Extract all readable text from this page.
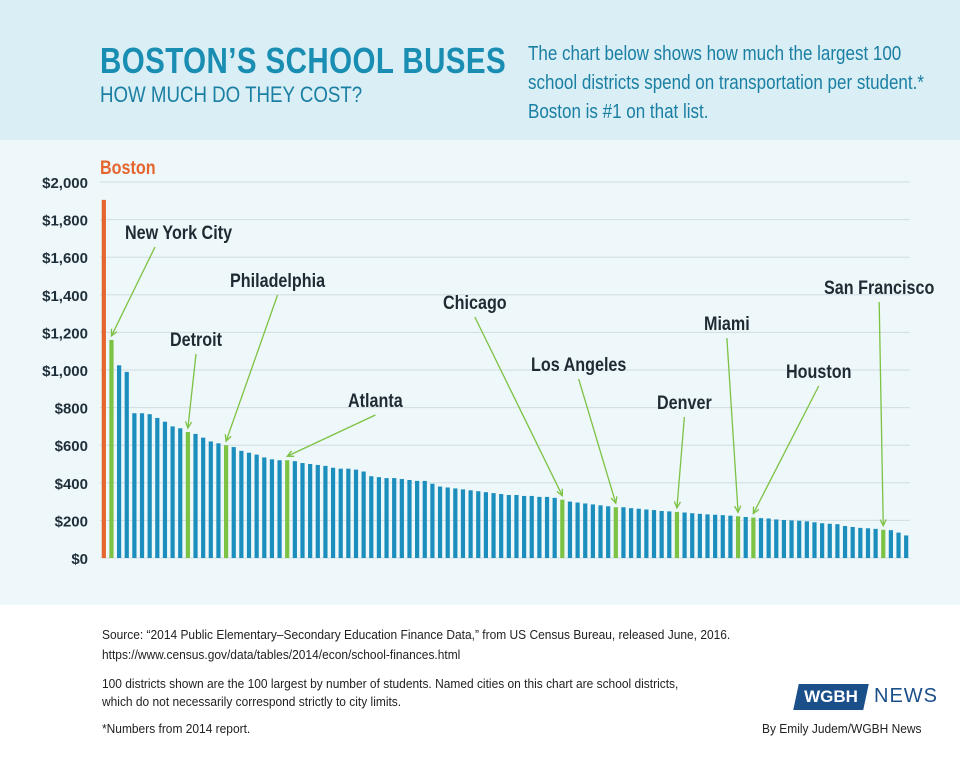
BOSTON’S SCHOOL BUSES
HOW MUCH DO THEY COST?

The chart below shows how much the largest 100 school districts spend on transportation per student.*

Boston is #1 on that list.

$0
$200
$400
$600
$800
$1,000
$1,200
$1,400
$1,600
$1,800
$2,000
Boston
New York City
Detroit
Philadelphia
Atlanta
Chicago
Los Angeles
Denver
Miami
Houston
San Francisco
Source: “2014 Public Elementary–Secondary Education Finance Data,” from US Census Bureau, released June, 2016.
https://www.census.gov/data/tables/2014/econ/school-finances.html
100 districts shown are the 100 largest by number of students. Named cities on this chart are school districts,
which do not necessarily correspond strictly to city limits.
*Numbers from 2014 report.
WGBH NEWS
By Emily Judem/WGBH News
